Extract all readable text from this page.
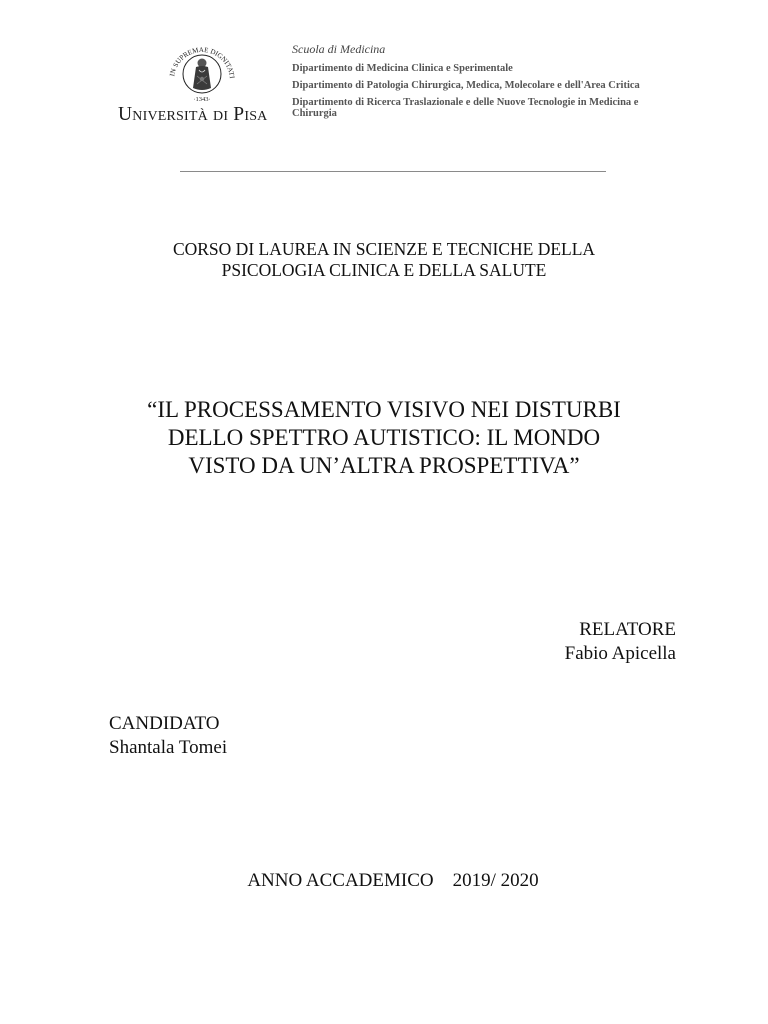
IN SUPREMAE DIGNITATI
·1343·
Università di Pisa
Scuola di Medicina
Dipartimento di Medicina Clinica e Sperimentale
Dipartimento di Patologia Chirurgica, Medica, Molecolare e dell'Area Critica
Dipartimento di Ricerca Traslazionale e delle Nuove Tecnologie in Medicina e Chirurgia
CORSO DI LAUREA IN SCIENZE E TECNICHE DELLA
PSICOLOGIA CLINICA E DELLA SALUTE
“IL PROCESSAMENTO VISIVO NEI DISTURBI
DELLO SPETTRO AUTISTICO: IL MONDO
VISTO DA UN’ALTRA PROSPETTIVA”
RELATORE
Fabio Apicella
CANDIDATO
Shantala Tomei
ANNO ACCADEMICO 2019/ 2020
